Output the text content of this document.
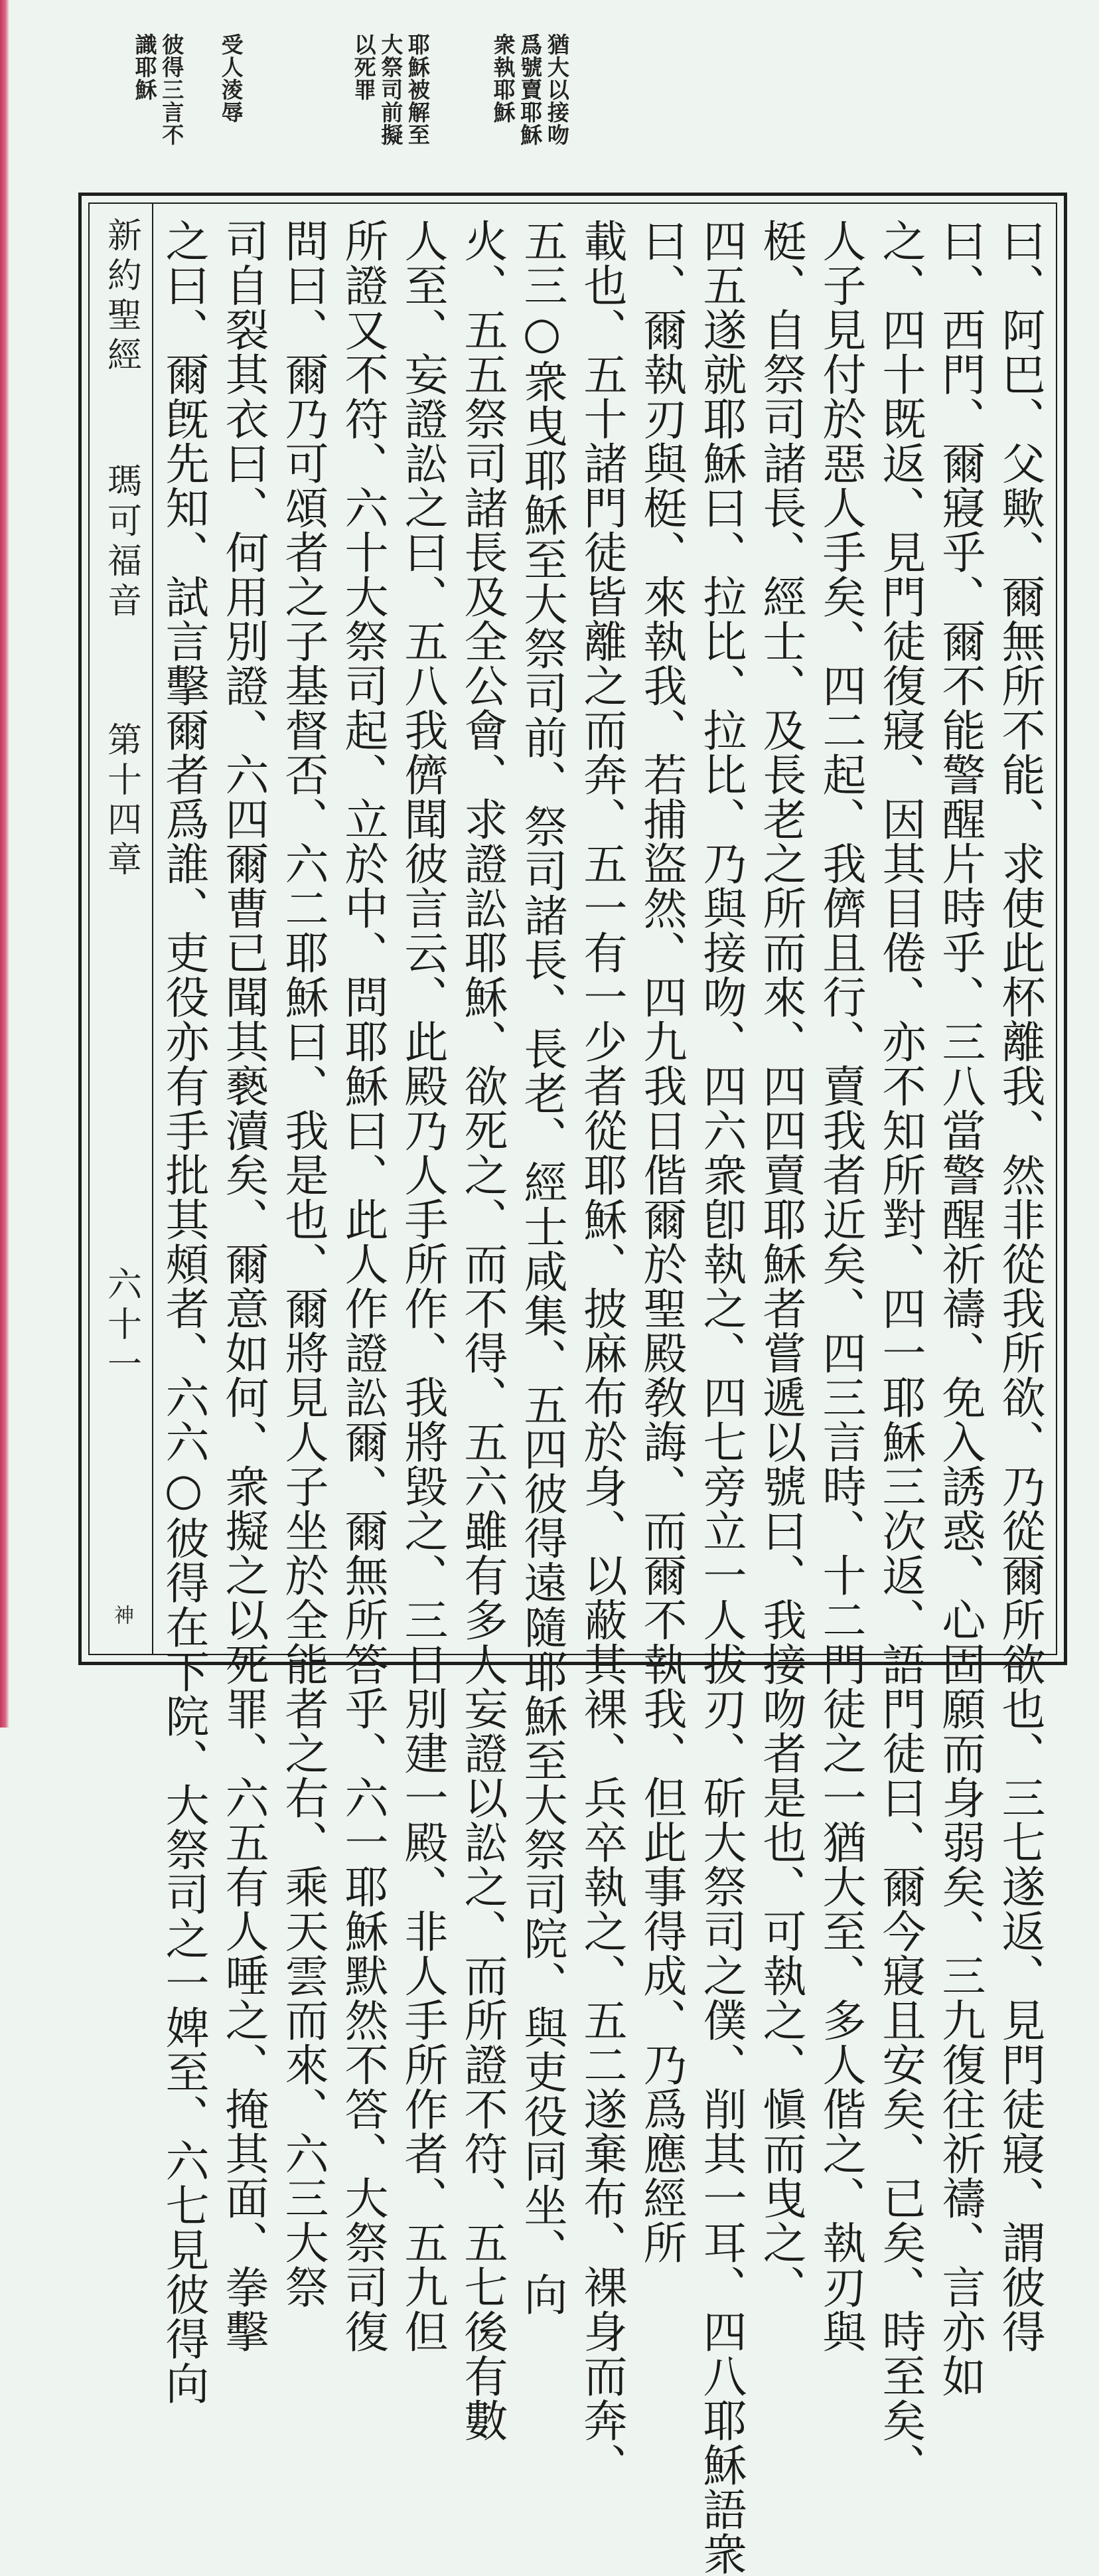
猶大以接吻
爲號賣耶穌
衆執耶穌
耶穌被解至
大祭司前擬
以死罪
受人淩辱
彼得三言不
識耶穌
新約聖經
瑪可福音
第十四章
六十一
神	曰、阿巴、父歟、爾無所不能、求使此杯離我、然非從我所欲、乃從爾所欲也、三七遂返、見門徒寢、謂彼得
曰、西門、爾寢乎、爾不能警醒片時乎、三八當警醒祈禱、免入誘惑、心固願而身弱矣、三九復往祈禱、言亦如
之、四十既返、見門徒復寢、因其目倦、亦不知所對、四一耶穌三次返、語門徒曰、爾今寢且安矣、已矣、時至矣、
人子見付於惡人手矣、四二起、我儕且行、賣我者近矣、四三言時、十二門徒之一猶大至、多人偕之、執刃與
梃、自祭司諸長、經士、及長老之所而來、四四賣耶穌者嘗遞以號曰、我接吻者是也、可執之、愼而曳之、
四五遂就耶穌曰、拉比、拉比、乃與接吻、四六衆卽執之、四七旁立一人拔刃、斫大祭司之僕、削其一耳、四八耶穌語衆
曰、爾執刃與梃、來執我、若捕盜然、四九我日偕爾於聖殿敎誨、而爾不執我、但此事得成、乃爲應經所
載也、五十諸門徒皆離之而奔、五一有一少者從耶穌、披麻布於身、以蔽其裸、兵卒執之、五二遂棄布、裸身而奔、
五三○衆曳耶穌至大祭司前、祭司諸長、長老、經士咸集、五四彼得遠隨耶穌至大祭司院、與吏役同坐、向
火、五五祭司諸長及全公會、求證訟耶穌、欲死之、而不得、五六雖有多人妄證以訟之、而所證不符、五七後有數
人至、妄證訟之曰、五八我儕聞彼言云、此殿乃人手所作、我將毀之、三日別建一殿、非人手所作者、五九但
所證又不符、六十大祭司起、立於中、問耶穌曰、此人作證訟爾、爾無所答乎、六一耶穌默然不答、大祭司復
問曰、爾乃可頌者之子基督否、六二耶穌曰、我是也、爾將見人子坐於全能者之右、乘天雲而來、六三大祭
司自裂其衣曰、何用別證、六四爾曹已聞其褻瀆矣、爾意如何、衆擬之以死罪、六五有人唾之、掩其面、拳擊
之曰、爾旣先知、試言擊爾者爲誰、吏役亦有手批其頰者、六六○彼得在下院、大祭司之一婢至、六七見彼得向
